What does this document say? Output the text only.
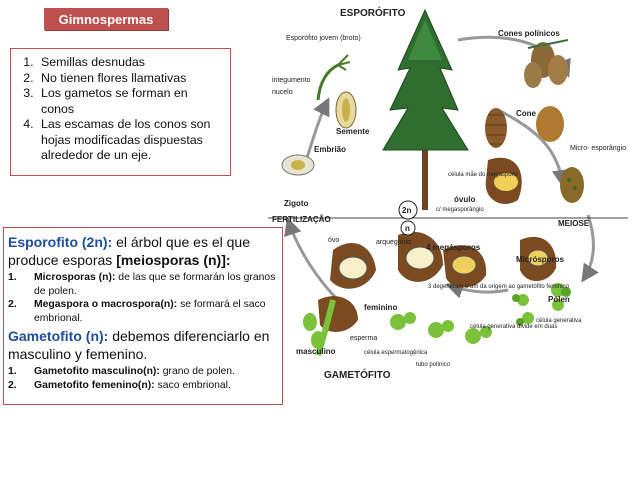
Gimnospermas
1. Semillas desnudas
2. No tienen flores llamativas
3. Los gametos se forman en conos
4. Las escamas de los conos son hojas modificadas dispuestas alrededor de un eje.
Esporofito (2n): el árbol que es el que produce esporas [meiosporas (n)]:
1.	Microsporas (n): de las que se formarán los granos de polen.
2.	Megaspora o macrospora(n): se formará el saco embrional.
Gametofito (n): debemos diferenciarlo en masculino y femenino.
1.	Gametofito masculino(n): grano de polen.
2.	Gametofito femenino(n): saco embrional.
2n
n
ESPORÓFITO
GAMETÓFITO
Esporófito jovem (broto)
Cones polínicos
integumento
nucelo
Semente
Embrião
Cone
Micro- esporângio
célula mãe do megásporo
óvulo
c/ megasporângio
Zigoto
FERTILIZAÇÃO	MEIOSE
óvo	arquegônio
4 megásporos
Micrósporos
feminino
3 degeneram e um da origem ao gametófito feminino
Pólen
célula generativa
célula generativa divide em duas
esperma
masculino	célula espermatogênica
tubo polínico
